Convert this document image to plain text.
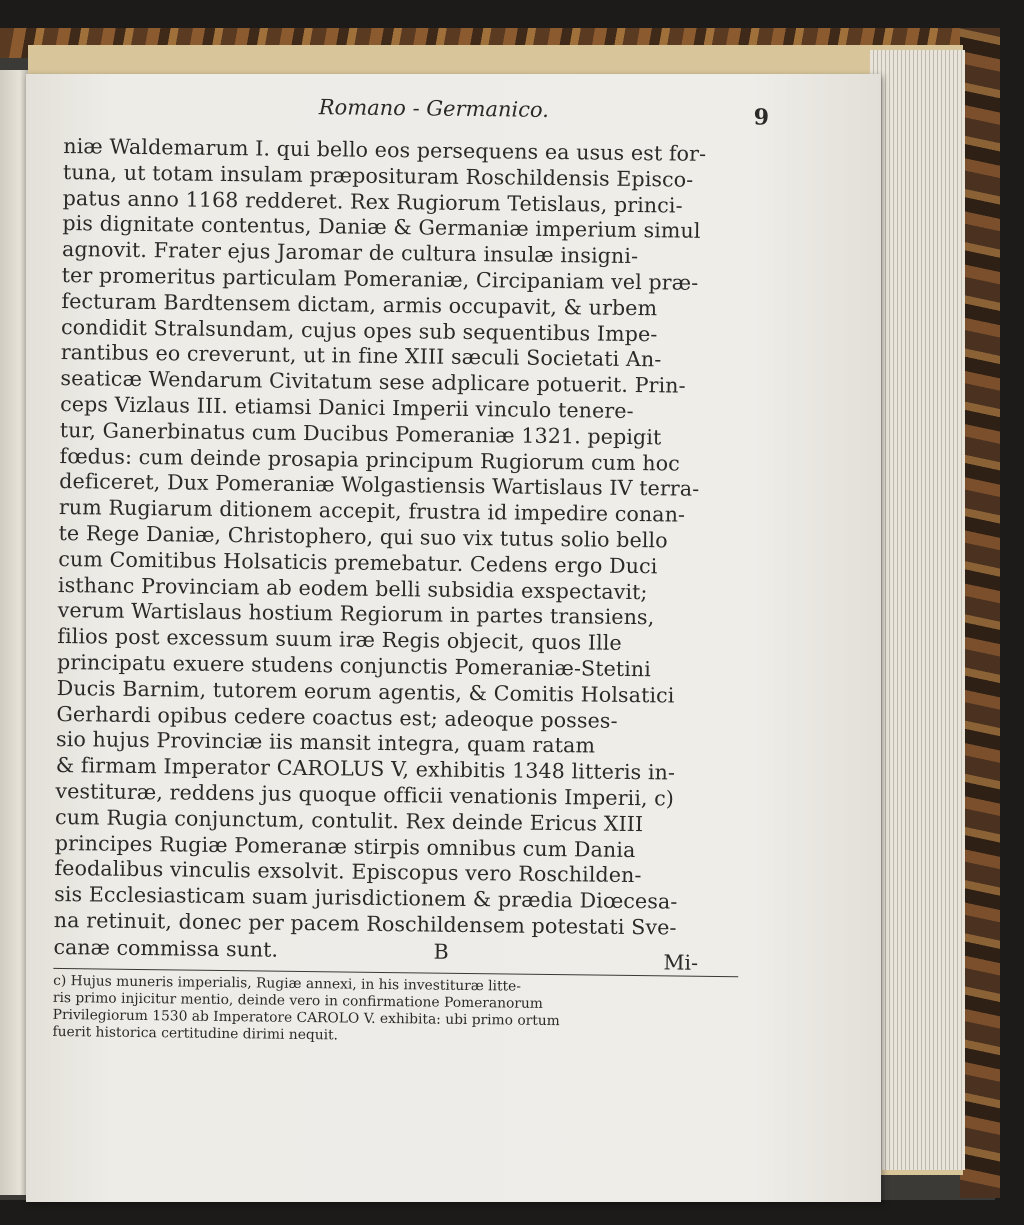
Romano - Germanico.	9
niæ Waldemarum I. qui bello eos persequens ea usus est for-
tuna, ut totam insulam præposituram Roschildensis Episco-
patus anno 1168 redderet. Rex Rugiorum Tetislaus, princi-
pis dignitate contentus, Daniæ & Germaniæ imperium simul
agnovit. Frater ejus Jaromar de cultura insulæ insigni-
ter promeritus particulam Pomeraniæ, Circipaniam vel præ-
fecturam Bardtensem dictam, armis occupavit, & urbem
condidit Stralsundam, cujus opes sub sequentibus Impe-
rantibus eo creverunt, ut in fine XIII sæculi Societati An-
seaticæ Wendarum Civitatum sese adplicare potuerit. Prin-
ceps Vizlaus III. etiamsi Danici Imperii vinculo tenere-
tur, Ganerbinatus cum Ducibus Pomeraniæ 1321. pepigit
fœdus: cum deinde prosapia principum Rugiorum cum hoc
deficeret, Dux Pomeraniæ Wolgastiensis Wartislaus IV terra-
rum Rugiarum ditionem accepit, frustra id impedire conan-
te Rege Daniæ, Christophero, qui suo vix tutus solio bello
cum Comitibus Holsaticis premebatur. Cedens ergo Duci
isthanc Provinciam ab eodem belli subsidia exspectavit;
verum Wartislaus hostium Regiorum in partes transiens,
filios post excessum suum iræ Regis objecit, quos Ille
principatu exuere studens conjunctis Pomeraniæ-Stetini
Ducis Barnim, tutorem eorum agentis, & Comitis Holsatici
Gerhardi opibus cedere coactus est; adeoque posses-
sio hujus Provinciæ iis mansit integra, quam ratam
& firmam Imperator CAROLUS V, exhibitis 1348 litteris in-
vestituræ, reddens jus quoque officii venationis Imperii, c)
cum Rugia conjunctum, contulit. Rex deinde Ericus XIII
principes Rugiæ Pomeranæ stirpis omnibus cum Dania
feodalibus vinculis exsolvit. Episcopus vero Roschilden-
sis Ecclesiasticam suam jurisdictionem & prædia Diœcesa-
na retinuit, donec per pacem Roschildensem potestati Sve-
canæ commissa sunt.	B	Mi-
c) Hujus muneris imperialis, Rugiæ annexi, in his investituræ litte-
ris primo injicitur mentio, deinde vero in confirmatione Pomeranorum
Privilegiorum 1530 ab Imperatore CAROLO V. exhibita: ubi primo ortum
fuerit historica certitudine dirimi nequit.
